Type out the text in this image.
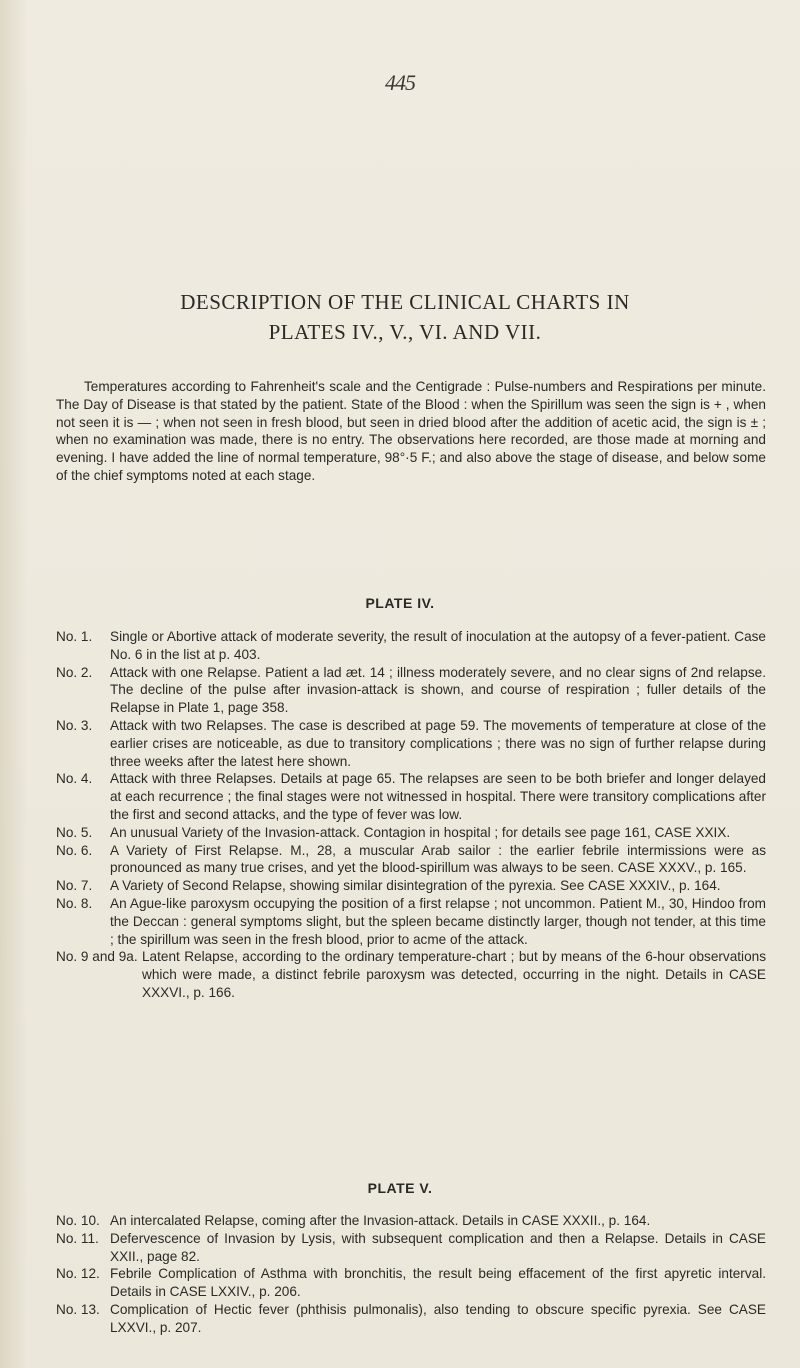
445
DESCRIPTION OF THE CLINICAL CHARTS IN
PLATES IV., V., VI. AND VII.

Temperatures according to Fahrenheit's scale and the Centigrade : Pulse-numbers and Respirations per minute. The Day of Disease is that stated by the patient. State of the Blood : when the Spirillum was seen the sign is + , when not seen it is — ; when not seen in fresh blood, but seen in dried blood after the addition of acetic acid, the sign is ± ; when no examination was made, there is no entry. The observations here recorded, are those made at morning and evening. I have added the line of normal temperature, 98°·5 F.; and also above the stage of disease, and below some of the chief symptoms noted at each stage.

PLATE IV.
No. 1.	Single or Abortive attack of moderate severity, the result of inoculation at the autopsy of a fever-patient. Case No. 6 in the list at p. 403.
No. 2.	Attack with one Relapse. Patient a lad æt. 14 ; illness moderately severe, and no clear signs of 2nd relapse. The decline of the pulse after invasion-attack is shown, and course of respiration ; fuller details of the Relapse in Plate 1, page 358.
No. 3.	Attack with two Relapses. The case is described at page 59. The movements of temperature at close of the earlier crises are noticeable, as due to transitory complications ; there was no sign of further relapse during three weeks after the latest here shown.
No. 4.	Attack with three Relapses. Details at page 65. The relapses are seen to be both briefer and longer delayed at each recurrence ; the final stages were not witnessed in hospital. There were transitory complications after the first and second attacks, and the type of fever was low.
No. 5.	An unusual Variety of the Invasion-attack. Contagion in hospital ; for details see page 161, CASE XXIX.
No. 6.	A Variety of First Relapse. M., 28, a muscular Arab sailor : the earlier febrile intermissions were as pronounced as many true crises, and yet the blood-spirillum was always to be seen. CASE XXXV., p. 165.
No. 7.	A Variety of Second Relapse, showing similar disintegration of the pyrexia. See CASE XXXIV., p. 164.
No. 8.	An Ague-like paroxysm occupying the position of a first relapse ; not uncommon. Patient M., 30, Hindoo from the Deccan : general symptoms slight, but the spleen became distinctly larger, though not tender, at this time ; the spirillum was seen in the fresh blood, prior to acme of the attack.
No. 9 and 9a. Latent Relapse, according to the ordinary temperature-chart ; but by means of the 6-hour observations which were made, a distinct febrile paroxysm was detected, occurring in the night. Details in CASE XXXVI., p. 166.
PLATE V.
No. 10. An intercalated Relapse, coming after the Invasion-attack. Details in CASE XXXII., p. 164.
No. 11. Defervescence of Invasion by Lysis, with subsequent complication and then a Relapse. Details in CASE XXII., page 82.
No. 12. Febrile Complication of Asthma with bronchitis, the result being effacement of the first apyretic interval. Details in CASE LXXIV., p. 206.
No. 13. Complication of Hectic fever (phthisis pulmonalis), also tending to obscure specific pyrexia. See CASE LXXVI., p. 207.
